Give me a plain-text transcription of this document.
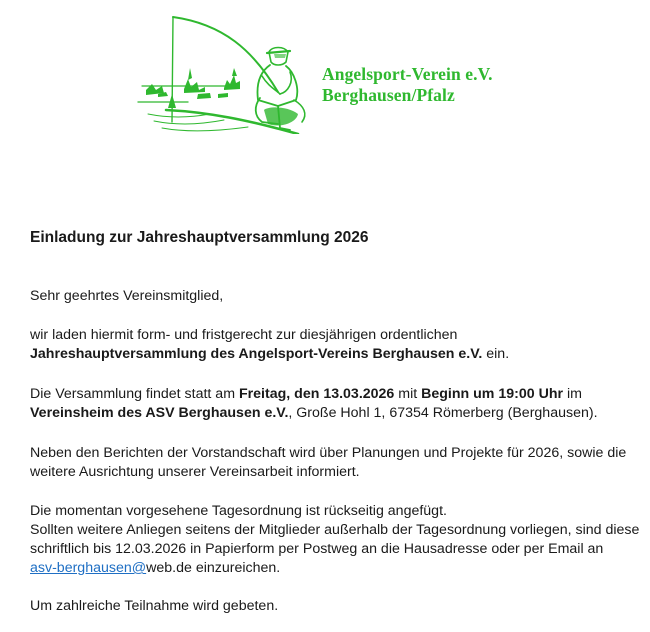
Angelsport-Verein e.V.
Berghausen/Pfalz
Einladung zur Jahreshauptversammlung 2026

Sehr geehrtes Vereinsmitglied,

wir laden hiermit form- und fristgerecht zur diesjährigen ordentlichen
Jahreshauptversammlung des Angelsport-Vereins Berghausen e.V. ein.

Die Versammlung findet statt am Freitag, den 13.03.2026 mit Beginn um 19:00 Uhr im
Vereinsheim des ASV Berghausen e.V., Große Hohl 1, 67354 Römerberg (Berghausen).

Neben den Berichten der Vorstandschaft wird über Planungen und Projekte für 2026, sowie die
weitere Ausrichtung unserer Vereinsarbeit informiert.

Die momentan vorgesehene Tagesordnung ist rückseitig angefügt.
Sollten weitere Anliegen seitens der Mitglieder außerhalb der Tagesordnung vorliegen, sind diese
schriftlich bis 12.03.2026 in Papierform per Postweg an die Hausadresse oder per Email an
asv-berghausen@web.de einzureichen.

Um zahlreiche Teilnahme wird gebeten.
